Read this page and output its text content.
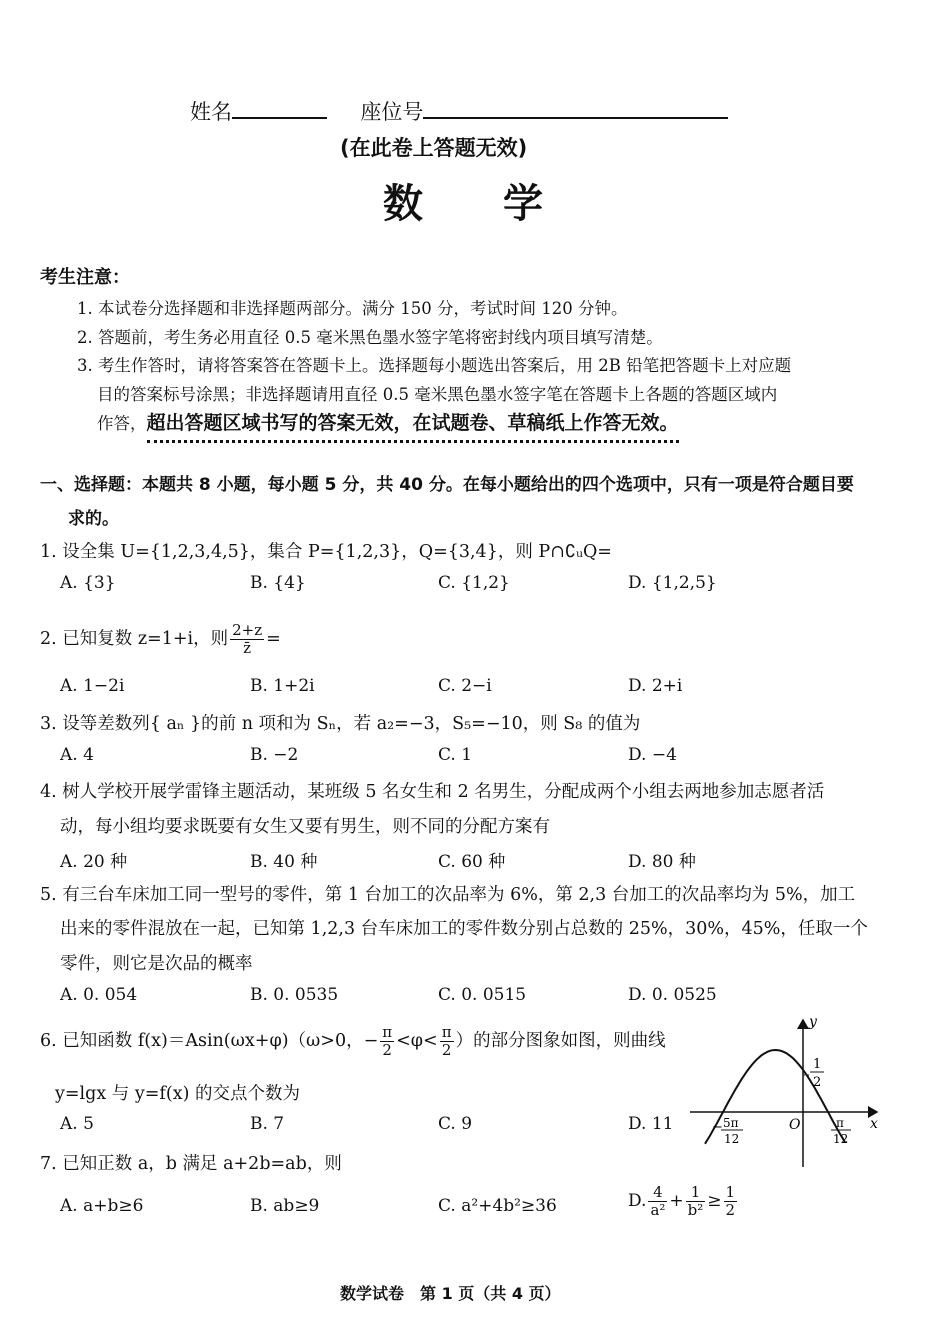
姓名	座位号
(在此卷上答题无效)
数　　学
考生注意：
1. 本试卷分选择题和非选择题两部分。满分 150 分，考试时间 120 分钟。
2. 答题前，考生务必用直径 0.5 毫米黑色墨水签字笔将密封线内项目填写清楚。
3. 考生作答时，请将答案答在答题卡上。选择题每小题选出答案后，用 2B 铅笔把答题卡上对应题
目的答案标号涂黑；非选择题请用直径 0.5 毫米黑色墨水签字笔在答题卡上各题的答题区域内
作答，超出答题区域书写的答案无效，在试题卷、草稿纸上作答无效。
一、选择题：本题共 8 小题，每小题 5 分，共 40 分。在每小题给出的四个选项中，只有一项是符合题目要
求的。
1. 设全集 U={1,2,3,4,5}，集合 P={1,2,3}，Q={3,4}，则 P∩∁ᵤQ=
A. {3}	B. {4}	C. {1,2}	D. {1,2,5}
2. 已知复数 z=1+i，则 $\frac{2+z}{z̄}$ =
A. 1−2i	B. 1+2i	C. 2−i	D. 2+i
3. 设等差数列{ aₙ }的前 n 项和为 Sₙ，若 a₂=−3，S₅=−10，则 S₈ 的值为
A. 4	B. −2	C. 1	D. −4
4. 树人学校开展学雷锋主题活动，某班级 5 名女生和 2 名男生，分配成两个小组去两地参加志愿者活
动，每小组均要求既要有女生又要有男生，则不同的分配方案有
A. 20 种	B. 40 种	C. 60 种	D. 80 种
5. 有三台车床加工同一型号的零件，第 1 台加工的次品率为 6%，第 2,3 台加工的次品率均为 5%，加工
出来的零件混放在一起，已知第 1,2,3 台车床加工的零件数分别占总数的 25%，30%，45%，任取一个
零件，则它是次品的概率
A. 0. 054	B. 0. 0535	C. 0. 0515	D. 0. 0525
6. 已知函数 f(x)＝Asin(ωx+φ)（ω>0，− $\frac{\pi}{2} <\varphi< \frac{\pi}{2}$ ）的部分图象如图，则曲线
y=lgx 与 y=f(x) 的交点个数为
A. 5	B. 7	C. 9	D. 11
y
x
O
1
2
− 5π
12
π
12
7. 已知正数 a，b 满足 a+2b=ab，则
A. a+b≥6	B. ab≥9	C. a²+4b²≥36	D. $\frac{4}{\text{a²}} + \frac{1}{\text{b²}} \ge \frac{1}{2}$
数学试卷　第 1 页（共 4 页）
